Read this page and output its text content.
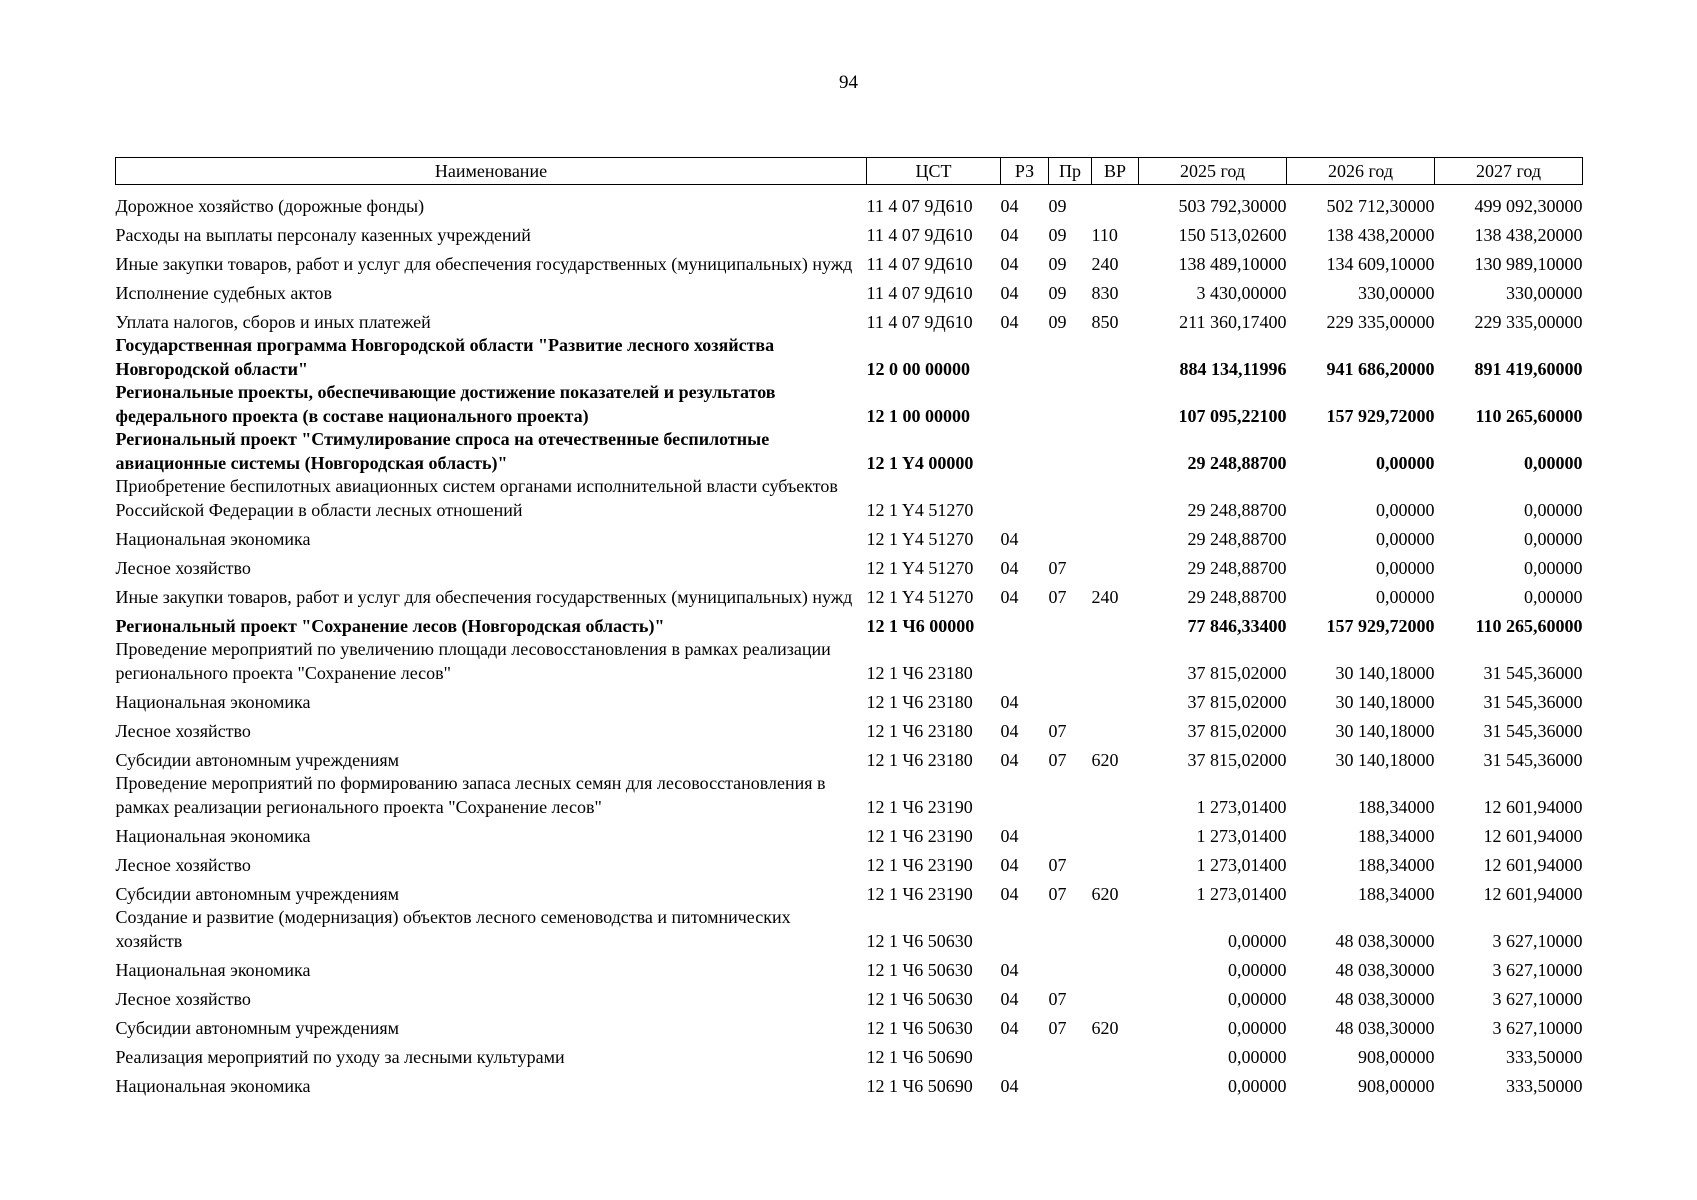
94
Наименование	ЦСТ	РЗ	Пр	ВР	2025 год	2026 год	2027 год
Дорожное хозяйство (дорожные фонды)	11 4 07 9Д610	04	09		503 792,30000	502 712,30000	499 092,30000
Расходы на выплаты персоналу казенных учреждений	11 4 07 9Д610	04	09	110	150 513,02600	138 438,20000	138 438,20000
Иные закупки товаров, работ и услуг для обеспечения государственных (муниципальных) нужд	11 4 07 9Д610	04	09	240	138 489,10000	134 609,10000	130 989,10000
Исполнение судебных актов	11 4 07 9Д610	04	09	830	3 430,00000	330,00000	330,00000
Уплата налогов, сборов и иных платежей	11 4 07 9Д610	04	09	850	211 360,17400	229 335,00000	229 335,00000
Государственная программа Новгородской области "Развитие лесного хозяйства Новгородской области"	12 0 00 00000				884 134,11996	941 686,20000	891 419,60000
Региональные проекты, обеспечивающие достижение показателей и результатов федерального проекта (в составе национального проекта)	12 1 00 00000				107 095,22100	157 929,72000	110 265,60000
Региональный проект "Стимулирование спроса на отечественные беспилотные авиационные системы (Новгородская область)"	12 1 Y4 00000				29 248,88700	0,00000	0,00000
Приобретение беспилотных авиационных систем органами исполнительной власти субъектов Российской Федерации в области лесных отношений	12 1 Y4 51270				29 248,88700	0,00000	0,00000
Национальная экономика	12 1 Y4 51270	04			29 248,88700	0,00000	0,00000
Лесное хозяйство	12 1 Y4 51270	04	07		29 248,88700	0,00000	0,00000
Иные закупки товаров, работ и услуг для обеспечения государственных (муниципальных) нужд	12 1 Y4 51270	04	07	240	29 248,88700	0,00000	0,00000
Региональный проект "Сохранение лесов (Новгородская область)"	12 1 Ч6 00000				77 846,33400	157 929,72000	110 265,60000
Проведение мероприятий по увеличению площади лесовосстановления в рамках реализации регионального проекта "Сохранение лесов"	12 1 Ч6 23180				37 815,02000	30 140,18000	31 545,36000
Национальная экономика	12 1 Ч6 23180	04			37 815,02000	30 140,18000	31 545,36000
Лесное хозяйство	12 1 Ч6 23180	04	07		37 815,02000	30 140,18000	31 545,36000
Субсидии автономным учреждениям	12 1 Ч6 23180	04	07	620	37 815,02000	30 140,18000	31 545,36000
Проведение мероприятий по формированию запаса лесных семян для лесовосстановления в рамках реализации регионального проекта "Сохранение лесов"	12 1 Ч6 23190				1 273,01400	188,34000	12 601,94000
Национальная экономика	12 1 Ч6 23190	04			1 273,01400	188,34000	12 601,94000
Лесное хозяйство	12 1 Ч6 23190	04	07		1 273,01400	188,34000	12 601,94000
Субсидии автономным учреждениям	12 1 Ч6 23190	04	07	620	1 273,01400	188,34000	12 601,94000
Создание и развитие (модернизация) объектов лесного семеноводства и питомнических хозяйств	12 1 Ч6 50630				0,00000	48 038,30000	3 627,10000
Национальная экономика	12 1 Ч6 50630	04			0,00000	48 038,30000	3 627,10000
Лесное хозяйство	12 1 Ч6 50630	04	07		0,00000	48 038,30000	3 627,10000
Субсидии автономным учреждениям	12 1 Ч6 50630	04	07	620	0,00000	48 038,30000	3 627,10000
Реализация мероприятий по уходу за лесными культурами	12 1 Ч6 50690				0,00000	908,00000	333,50000
Национальная экономика	12 1 Ч6 50690	04			0,00000	908,00000	333,50000
